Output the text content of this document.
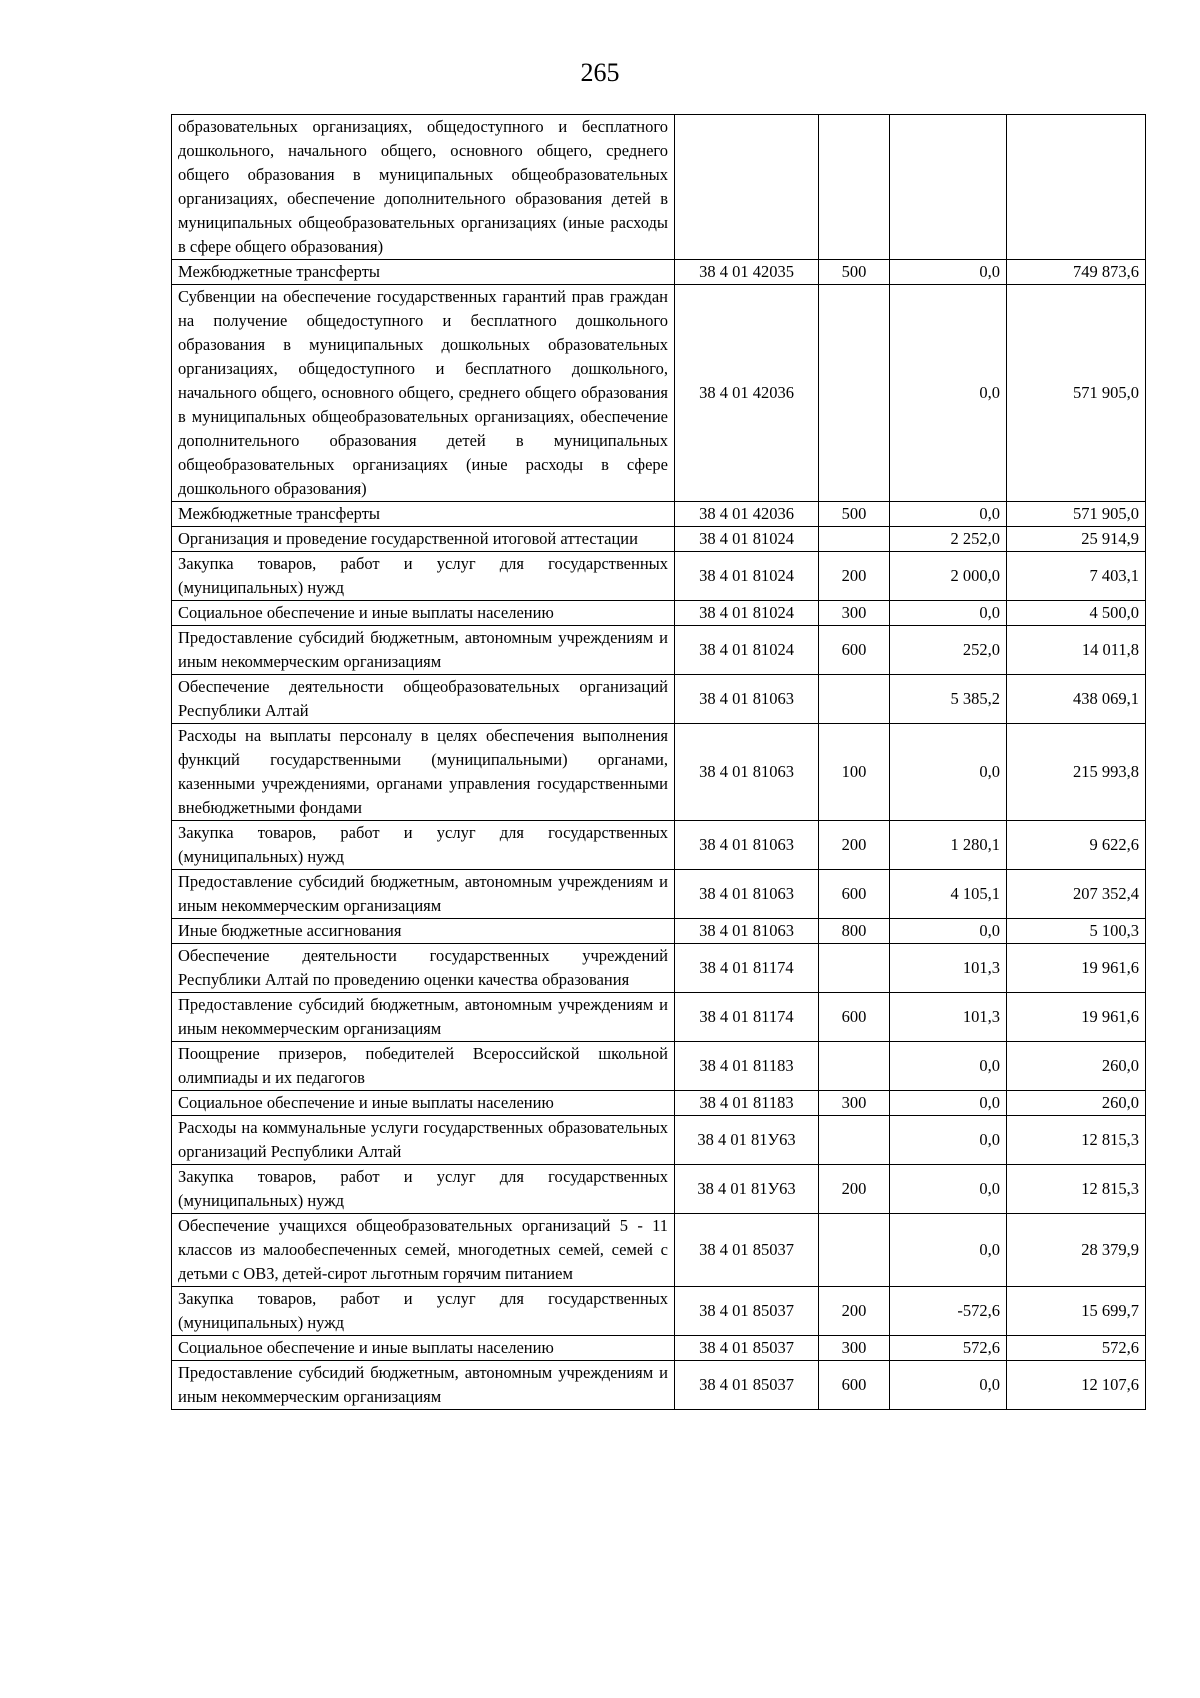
265
образовательных организациях, общедоступного и бесплатного дошкольного, начального общего, основного общего, среднего общего образования в муниципальных общеобразовательных организациях, обеспечение дополнительного образования детей в муниципальных общеобразовательных организациях (иные расходы в сфере общего образования)				
Межбюджетные трансферты	38 4 01 42035	500	0,0	749 873,6
Субвенции на обеспечение государственных гарантий прав граждан на получение общедоступного и бесплатного дошкольного образования в муниципальных дошкольных образовательных организациях, общедоступного и бесплатного дошкольного, начального общего, основного общего, среднего общего образования в муниципальных общеобразовательных организациях, обеспечение дополнительного образования детей в муниципальных общеобразовательных организациях (иные расходы в сфере дошкольного образования)	38 4 01 42036		0,0	571 905,0
Межбюджетные трансферты	38 4 01 42036	500	0,0	571 905,0
Организация и проведение государственной итоговой аттестации	38 4 01 81024		2 252,0	25 914,9
Закупка товаров, работ и услуг для государственных (муниципальных) нужд	38 4 01 81024	200	2 000,0	7 403,1
Социальное обеспечение и иные выплаты населению	38 4 01 81024	300	0,0	4 500,0
Предоставление субсидий бюджетным, автономным учреждениям и иным некоммерческим организациям	38 4 01 81024	600	252,0	14 011,8
Обеспечение деятельности общеобразовательных организаций Республики Алтай	38 4 01 81063		5 385,2	438 069,1
Расходы на выплаты персоналу в целях обеспечения выполнения функций государственными (муниципальными) органами, казенными учреждениями, органами управления государственными внебюджетными фондами	38 4 01 81063	100	0,0	215 993,8
Закупка товаров, работ и услуг для государственных (муниципальных) нужд	38 4 01 81063	200	1 280,1	9 622,6
Предоставление субсидий бюджетным, автономным учреждениям и иным некоммерческим организациям	38 4 01 81063	600	4 105,1	207 352,4
Иные бюджетные ассигнования	38 4 01 81063	800	0,0	5 100,3
Обеспечение деятельности государственных учреждений Республики Алтай по проведению оценки качества образования	38 4 01 81174		101,3	19 961,6
Предоставление субсидий бюджетным, автономным учреждениям и иным некоммерческим организациям	38 4 01 81174	600	101,3	19 961,6
Поощрение призеров, победителей Всероссийской школьной олимпиады и их педагогов	38 4 01 81183		0,0	260,0
Социальное обеспечение и иные выплаты населению	38 4 01 81183	300	0,0	260,0
Расходы на коммунальные услуги государственных образовательных организаций Республики Алтай	38 4 01 81У63		0,0	12 815,3
Закупка товаров, работ и услуг для государственных (муниципальных) нужд	38 4 01 81У63	200	0,0	12 815,3
Обеспечение учащихся общеобразовательных организаций 5 - 11 классов из малообеспеченных семей, многодетных семей, семей с детьми с ОВЗ, детей-сирот льготным горячим питанием	38 4 01 85037		0,0	28 379,9
Закупка товаров, работ и услуг для государственных (муниципальных) нужд	38 4 01 85037	200	-572,6	15 699,7
Социальное обеспечение и иные выплаты населению	38 4 01 85037	300	572,6	572,6
Предоставление субсидий бюджетным, автономным учреждениям и иным некоммерческим организациям	38 4 01 85037	600	0,0	12 107,6
